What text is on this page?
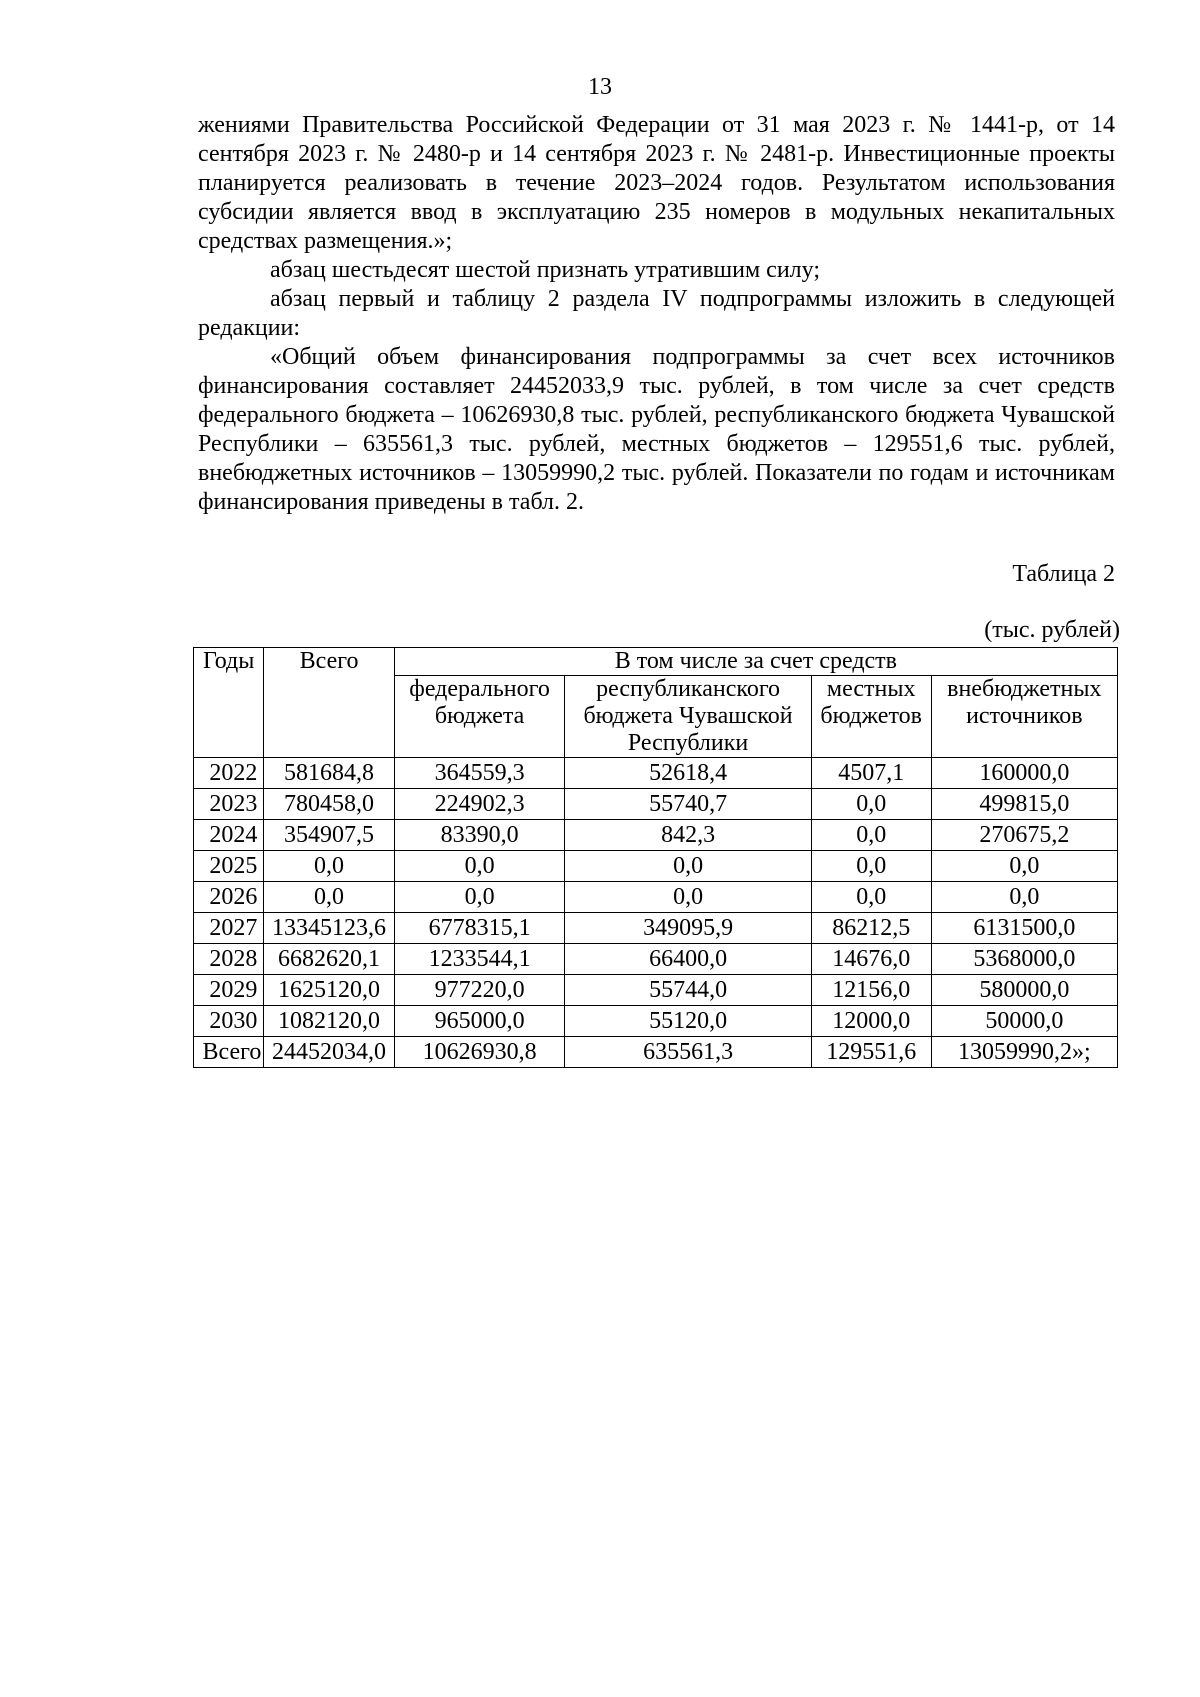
13

жениями Правительства Российской Федерации от 31 мая 2023 г. № 1441-р, от 14 сентября 2023 г. № 2480-р и 14 сентября 2023 г. № 2481-р. Инвестиционные проекты планируется реализовать в течение 2023–2024 годов. Результатом использования субсидии является ввод в эксплуатацию 235 номеров в модульных некапитальных средствах размещения.»;

абзац шестьдесят шестой признать утратившим силу;

абзац первый и таблицу 2 раздела IV подпрограммы изложить в следующей редакции:

«Общий объем финансирования подпрограммы за счет всех источников финансирования составляет 24452033,9 тыс. рублей, в том числе за счет средств федерального бюджета – 10626930,8 тыс. рублей, республиканского бюджета Чувашской Республики – 635561,3 тыс. рублей, местных бюджетов – 129551,6 тыс. рублей, внебюджетных источников – 13059990,2 тыс. рублей. Показатели по годам и источникам финансирования приведены в табл. 2.

Таблица 2
(тыс. рублей)
Годы	Всего	В том числе за счет средств			
		федерального бюджета	республиканского бюджета Чувашской Республики	местных бюджетов	внебюджетных источников
2022	581684,8	364559,3	52618,4	4507,1	160000,0
2023	780458,0	224902,3	55740,7	0,0	499815,0
2024	354907,5	83390,0	842,3	0,0	270675,2
2025	0,0	0,0	0,0	0,0	0,0
2026	0,0	0,0	0,0	0,0	0,0
2027	13345123,6	6778315,1	349095,9	86212,5	6131500,0
2028	6682620,1	1233544,1	66400,0	14676,0	5368000,0
2029	1625120,0	977220,0	55744,0	12156,0	580000,0
2030	1082120,0	965000,0	55120,0	12000,0	50000,0
Всего	24452034,0	10626930,8	635561,3	129551,6	13059990,2»;
